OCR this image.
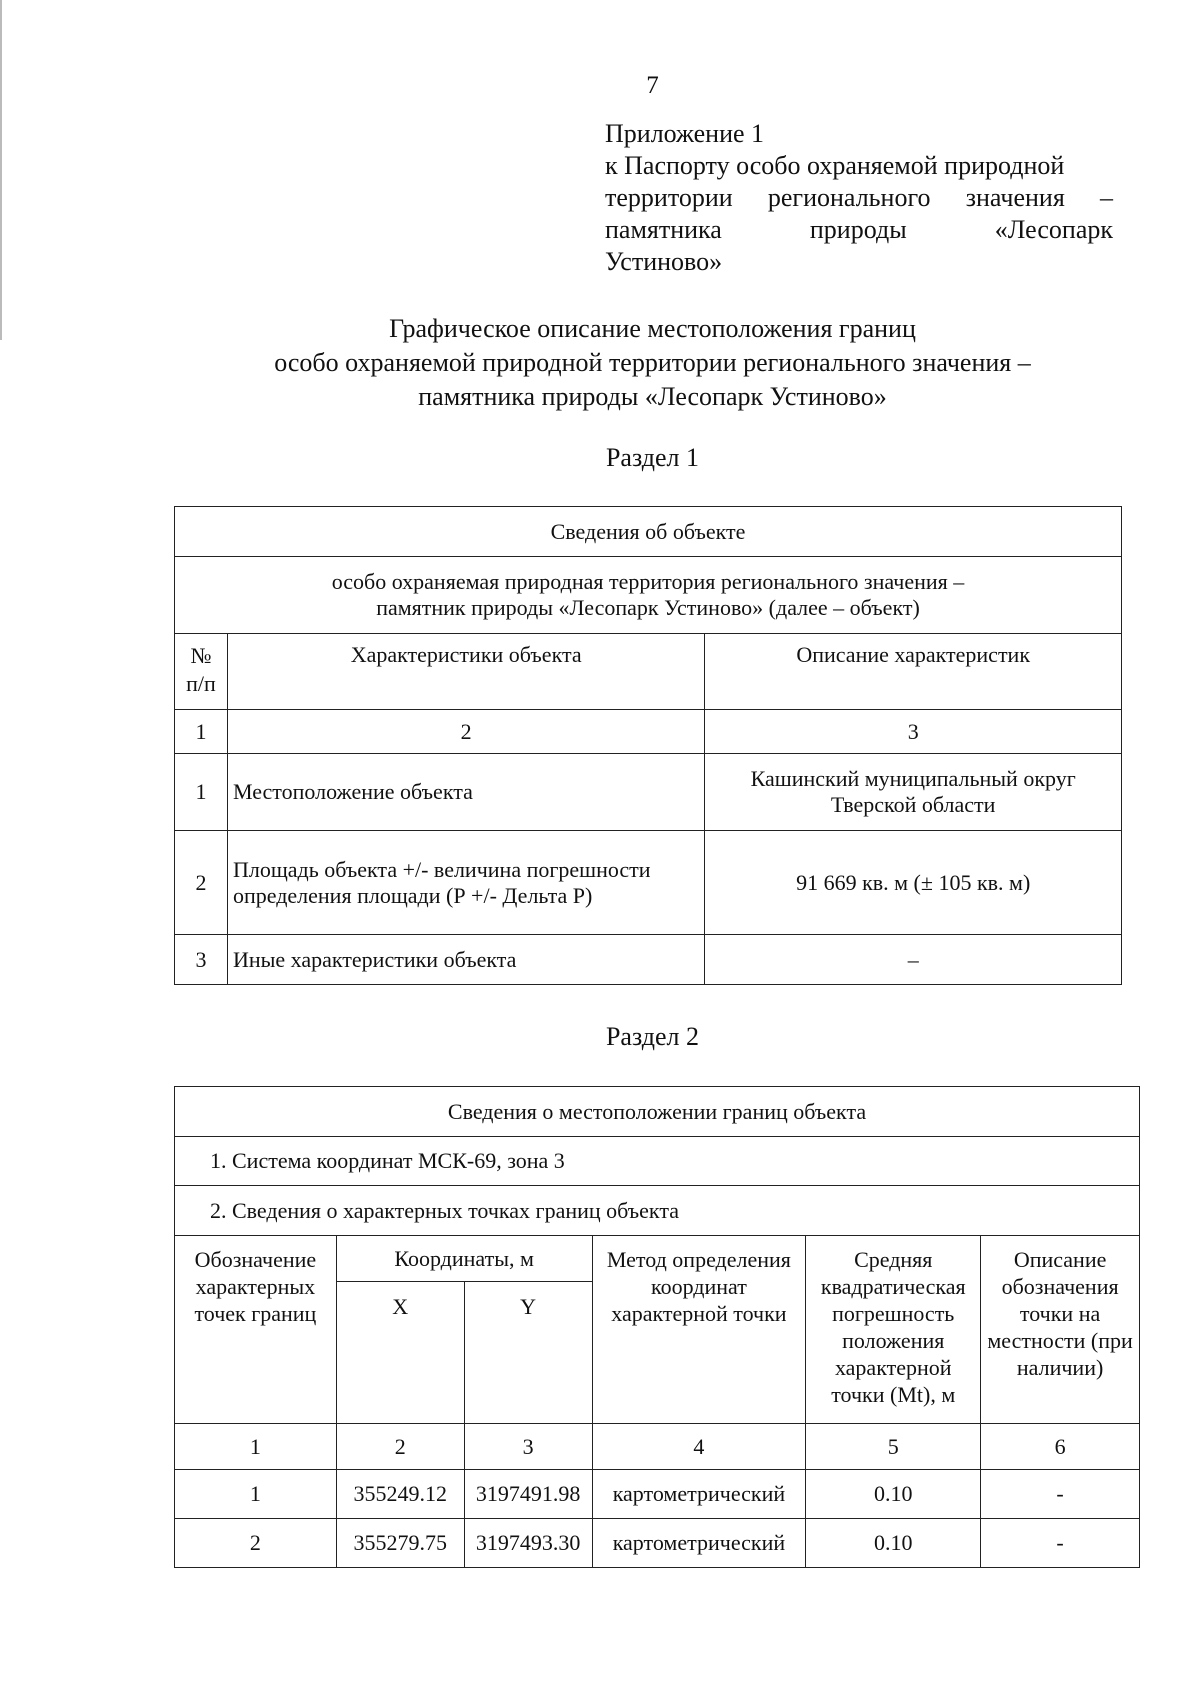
7
Приложение 1
к Паспорту особо охраняемой природной
территории регионального значения –
памятника	природы	«Лесопарк
Устиново»
Графическое описание местоположения границ
особо охраняемой природной территории регионального значения –
памятника природы «Лесопарк Устиново»
Раздел 1
Сведения об объекте		

особо охраняемая природная территория регионального значения –
памятник природы «Лесопарк Устиново» (далее – объект)		

№ п/п	Характеристики объекта	Описание характеристик
1	2	3
1	Местоположение объекта	Кашинский муниципальный округ Тверской области
2	Площадь объекта +/- величина погрешности определения площади (Р +/- Дельта Р)	91 669 кв. м (± 105 кв. м)
3	Иные характеристики объекта	–
Раздел 2
Сведения о местоположении границ объекта					
1. Система координат МСК-69, зона 3					
2. Сведения о характерных точках границ объекта					
Обозначение характерных точек границ	Координаты, м		Метод определения координат характерной точки	Средняя квадратическая погрешность положения характерной точки (Mt), м	Описание обозначения точки на местности (при наличии)
	X	Y			
1	2	3	4	5	6
1	355249.12	3197491.98	картометрический	0.10	-
2	355279.75	3197493.30	картометрический	0.10	-
